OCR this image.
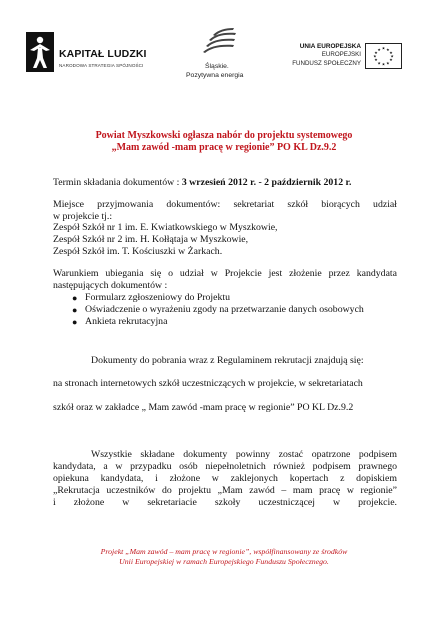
KAPITAŁ LUDZKI
NARODOWA STRATEGIA SPÓJNOŚCI	Śląskie.
Pozytywna energia
UNIA EUROPEJSKA
EUROPEJSKI
FUNDUSZ SPOŁECZNY
★ ★
★
★
★
★
★
★
★
★
★
★
Powiat Myszkowski ogłasza nabór do projektu systemowego
„Mam zawód -mam pracę w regionie” PO KL Dz.9.2
Termin składania dokumentów : 3 wrzesień 2012 r. - 2 październik 2012 r.
Miejsce przyjmowania dokumentów: sekretariat szkół biorących udział
w projekcie tj.:
Zespół Szkół nr 1 im. E. Kwiatkowskiego w Myszkowie,
Zespół Szkół nr 2 im. H. Kołłątaja w Myszkowie,
Zespół Szkół im. T. Kościuszki w Żarkach.
Warunkiem ubiegania się o udział w Projekcie jest złożenie przez kandydata
następujących dokumentów :
● Formularz zgłoszeniowy do Projektu
● Oświadczenie o wyrażeniu zgody na przetwarzanie danych osobowych
● Ankieta rekrutacyjna
Dokumenty do pobrania wraz z Regulaminem rekrutacji znajdują się:
na stronach internetowych szkół uczestniczących w projekcie, w sekretariatach
szkół oraz w zakładce „ Mam zawód -mam pracę w regionie” PO KL Dz.9.2
Wszystkie składane dokumenty powinny zostać opatrzone podpisem
kandydata, a w przypadku osób niepełnoletnich również podpisem prawnego
opiekuna kandydata, i złożone w zaklejonych kopertach z dopiskiem
„Rekrutacja uczestników do projektu „Mam zawód – mam pracę w regionie”
i złożone w sekretariacie szkoły uczestniczącej w projekcie.
Projekt „Mam zawód – mam pracę w regionie”, współfinansowany ze środków
Unii Europejskiej w ramach Europejskiego Funduszu Społecznego.
